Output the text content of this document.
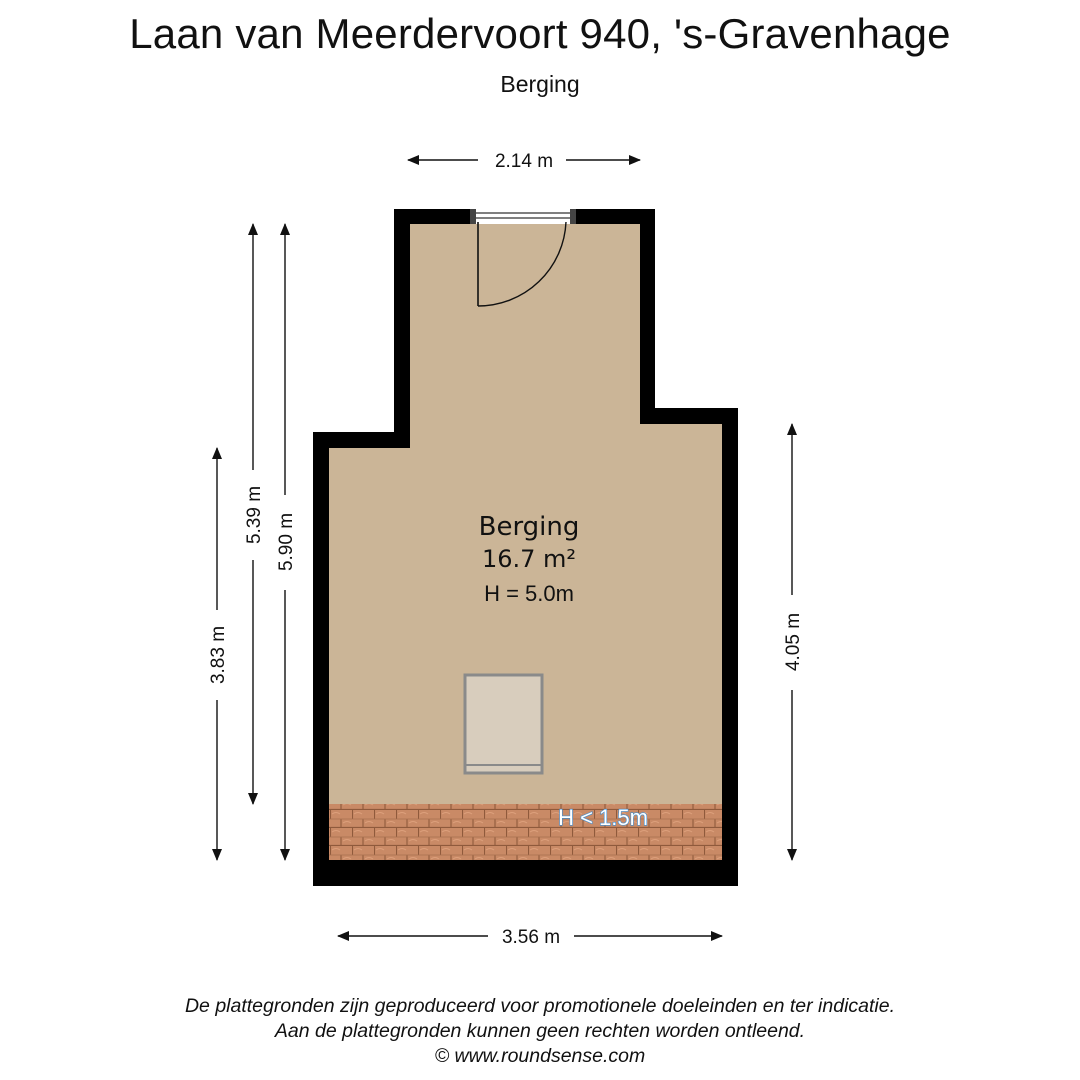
Laan van Meerdervoort 940, 's-Gravenhage
Berging
Berging
16.7 m²
H = 5.0m
H < 1.5m
2.14 m
3.56 m
3.83 m
5.39 m 5.90 m
4.05 m
De plattegronden zijn geproduceerd voor promotionele doeleinden en ter indicatie.
Aan de plattegronden kunnen geen rechten worden ontleend.
© www.roundsense.com
